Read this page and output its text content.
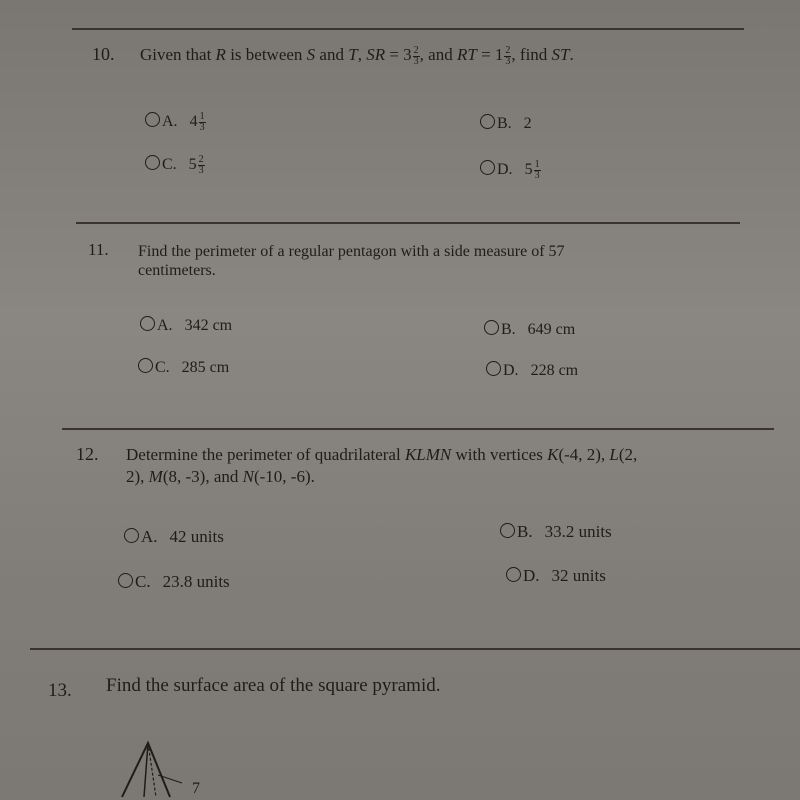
10. Given that R is between S and T, SR = $3 \frac{2}{3}$ , and RT = $1 \frac{2}{3}$ , find ST.
A. $4 \frac{1}{3}$	B. 2
C. $5 \frac{2}{3}$	D. $5 \frac{1}{3}$
11. Find the perimeter of a regular pentagon with a side measure of 57
centimeters.
A. 342 cm	B. 649 cm
C. 285 cm	D. 228 cm
12. Determine the perimeter of quadrilateral KLMN with vertices K(-4, 2), L(2,
2), M(8, -3), and N(-10, -6).
A. 42 units	B. 33.2 units
C. 23.8 units	D. 32 units
13. Find the surface area of the square pyramid.
7
